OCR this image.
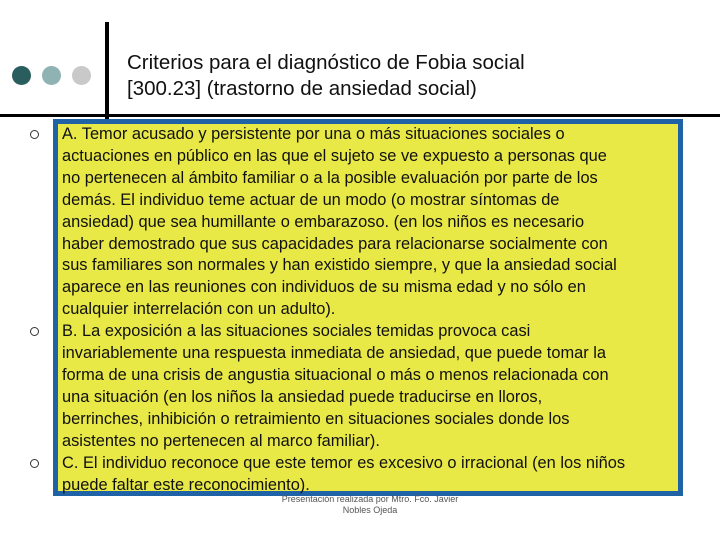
Criterios para el diagnóstico de Fobia social
[300.23] (trastorno de ansiedad social)
A. Temor acusado y persistente por una o más situaciones sociales o
actuaciones en público en las que el sujeto se ve expuesto a personas que
no pertenecen al ámbito familiar o a la posible evaluación por parte de los
demás. El individuo teme actuar de un modo (o mostrar síntomas de
ansiedad) que sea humillante o embarazoso. (en los niños es necesario
haber demostrado que sus capacidades para relacionarse socialmente con
sus familiares son normales y han existido siempre, y que la ansiedad social
aparece en las reuniones con individuos de su misma edad y no sólo en
cualquier interrelación con un adulto).
B. La exposición a las situaciones sociales temidas provoca casi
invariablemente una respuesta inmediata de ansiedad, que puede tomar la
forma de una crisis de angustia situacional o más o menos relacionada con
una situación (en los niños la ansiedad puede traducirse en lloros,
berrinches, inhibición o retraimiento en situaciones sociales donde los
asistentes no pertenecen al marco familiar).
C. El individuo reconoce que este temor es excesivo o irracional (en los niños
puede faltar este reconocimiento).
Presentación realizada por Mtro. Fco. Javier
Nobles Ojeda
